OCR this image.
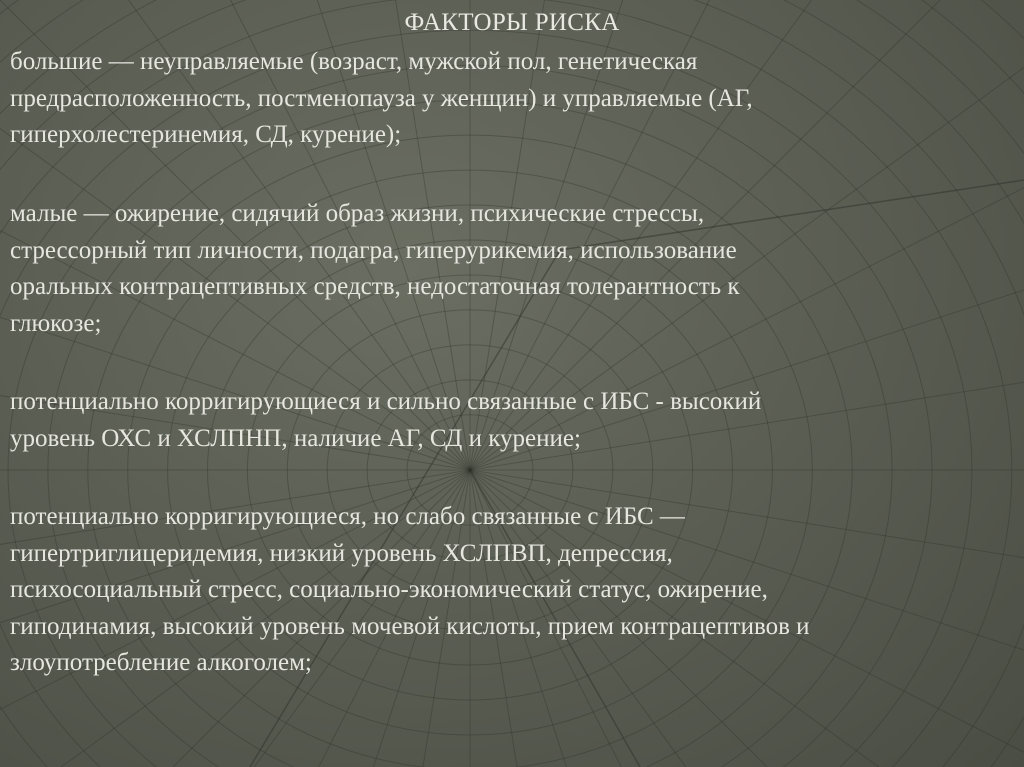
ФАКТОРЫ РИСКА

большие — неуправляемые (возраст, мужской пол, генетическая
предрасположенность, постменопауза у женщин) и управляемые (АГ,
гиперхолестеринемия, СД, курение);

малые — ожирение, сидячий образ жизни, психические стрессы,
стрессорный тип личности, подагра, гиперурикемия, использование
оральных контрацептивных средств, недостаточная толерантность к
глюкозе;

потенциально корригирующиеся и сильно связанные с ИБС - высокий
уровень ОХС и ХСЛПНП, наличие АГ, СД и курение;

потенциально корригирующиеся, но слабо связанные с ИБС —
гипертриглицеридемия, низкий уровень ХСЛПВП, депрессия,
психосоциальный стресс, социально-экономический статус, ожирение,
гиподинамия, высокий уровень мочевой кислоты, прием контрацептивов и
злоупотребление алкоголем;
